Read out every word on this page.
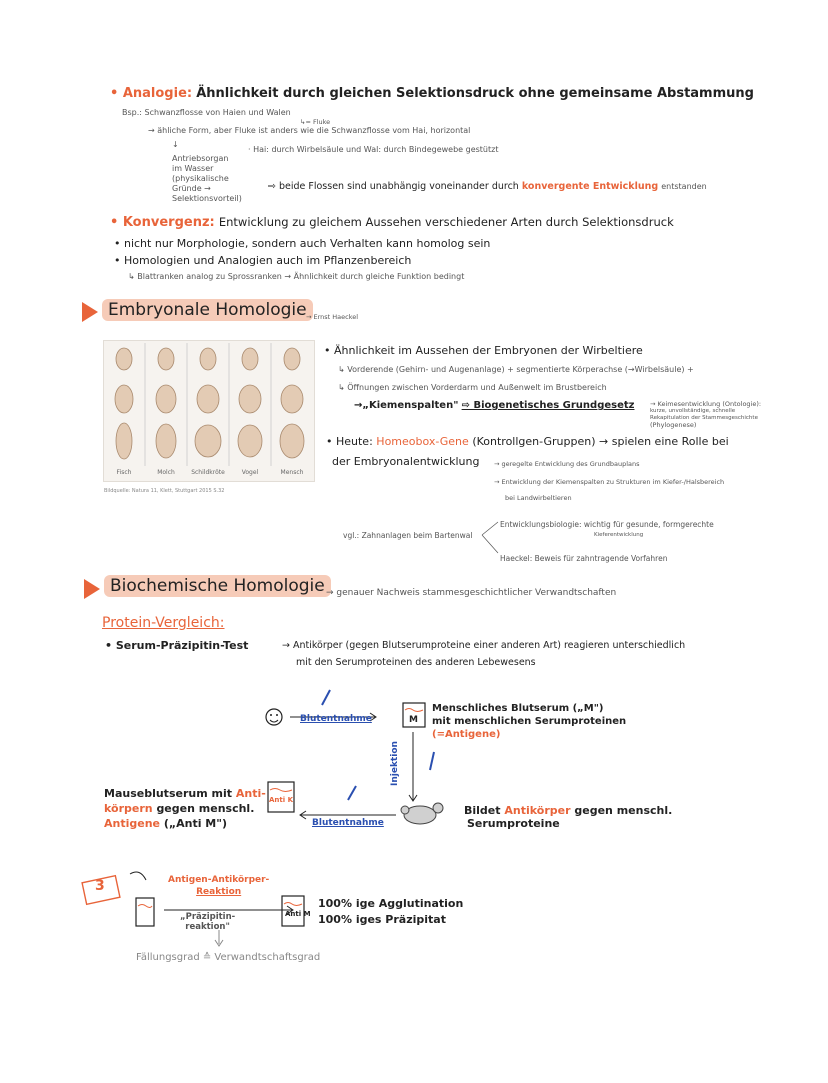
• Analogie: Ähnlichkeit durch gleichen Selektionsdruck ohne gemeinsame Abstammung
Bsp.: Schwanzflosse von Haien und Walen
↳= Fluke
→ ähliche Form, aber Fluke ist anders wie die Schwanzflosse vom Hai, horizontal
↓
· Hai: durch Wirbelsäule und Wal: durch Bindegewebe gestützt
Antriebsorgan
im Wasser
(physikalische
Gründe →
Selektionsvorteil)
⇨ beide Flossen sind unabhängig voneinander durch konvergente Entwicklung entstanden
• Konvergenz: Entwicklung zu gleichem Aussehen verschiedener Arten durch Selektionsdruck
• nicht nur Morphologie, sondern auch Verhalten kann homolog sein
• Homologien und Analogien auch im Pflanzenbereich
↳ Blattranken analog zu Sprossranken → Ähnlichkeit durch gleiche Funktion bedingt
Embryonale Homologie → Ernst Haeckel
Fisch	Molch	Schildkröte	Vogel	Mensch
Bildquelle: Natura 11, Klett, Stuttgart 2015 S.32
• Ähnlichkeit im Aussehen der Embryonen der Wirbeltiere
↳ Vorderende (Gehirn- und Augenanlage) + segmentierte Körperachse (→Wirbelsäule) +
↳ Öffnungen zwischen Vorderdarm und Außenwelt im Brustbereich
→„Kiemenspalten" ⇨ Biogenetisches Grundgesetz → Keimesentwicklung (Ontologie):
kurze, unvollständige, schnelle
Rekapitulation der Stammesgeschichte
(Phylogenese)
• Heute: Homeobox-Gene (Kontrollgen-Gruppen) → spielen eine Rolle bei
der Embryonalentwicklung → geregelte Entwicklung des Grundbauplans
→ Entwicklung der Kiemenspalten zu Strukturen im Kiefer-/Halsbereich
bei Landwirbeltieren
vgl.: Zahnanlagen beim Bartenwal
Entwicklungsbiologie: wichtig für gesunde, formgerechte
Kieferentwicklung
Haeckel: Beweis für zahntragende Vorfahren
Biochemische Homologie → genauer Nachweis stammesgeschichtlicher Verwandtschaften
Protein-Vergleich:
• Serum-Präzipitin-Test	→ Antikörper (gegen Blutserumproteine einer anderen Art) reagieren unterschiedlich
mit den Serumproteinen des anderen Lebewesens
Blutentnahme	M
Menschliches Blutserum („M")
mit menschlichen Serumproteinen
(=Antigene)
Injektion
Blutentnahme
Anti K
Bildet Antikörper gegen menschl.
Serumproteine
Mauseblutserum mit Anti-
körpern gegen menschl.
Antigene („Anti M")
3	Antigen-Antikörper-
Reaktion
„Präzipitin-
reaktion"
Anti M
100% ige Agglutination
100% iges Präzipitat
Fällungsgrad ≙ Verwandtschaftsgrad
